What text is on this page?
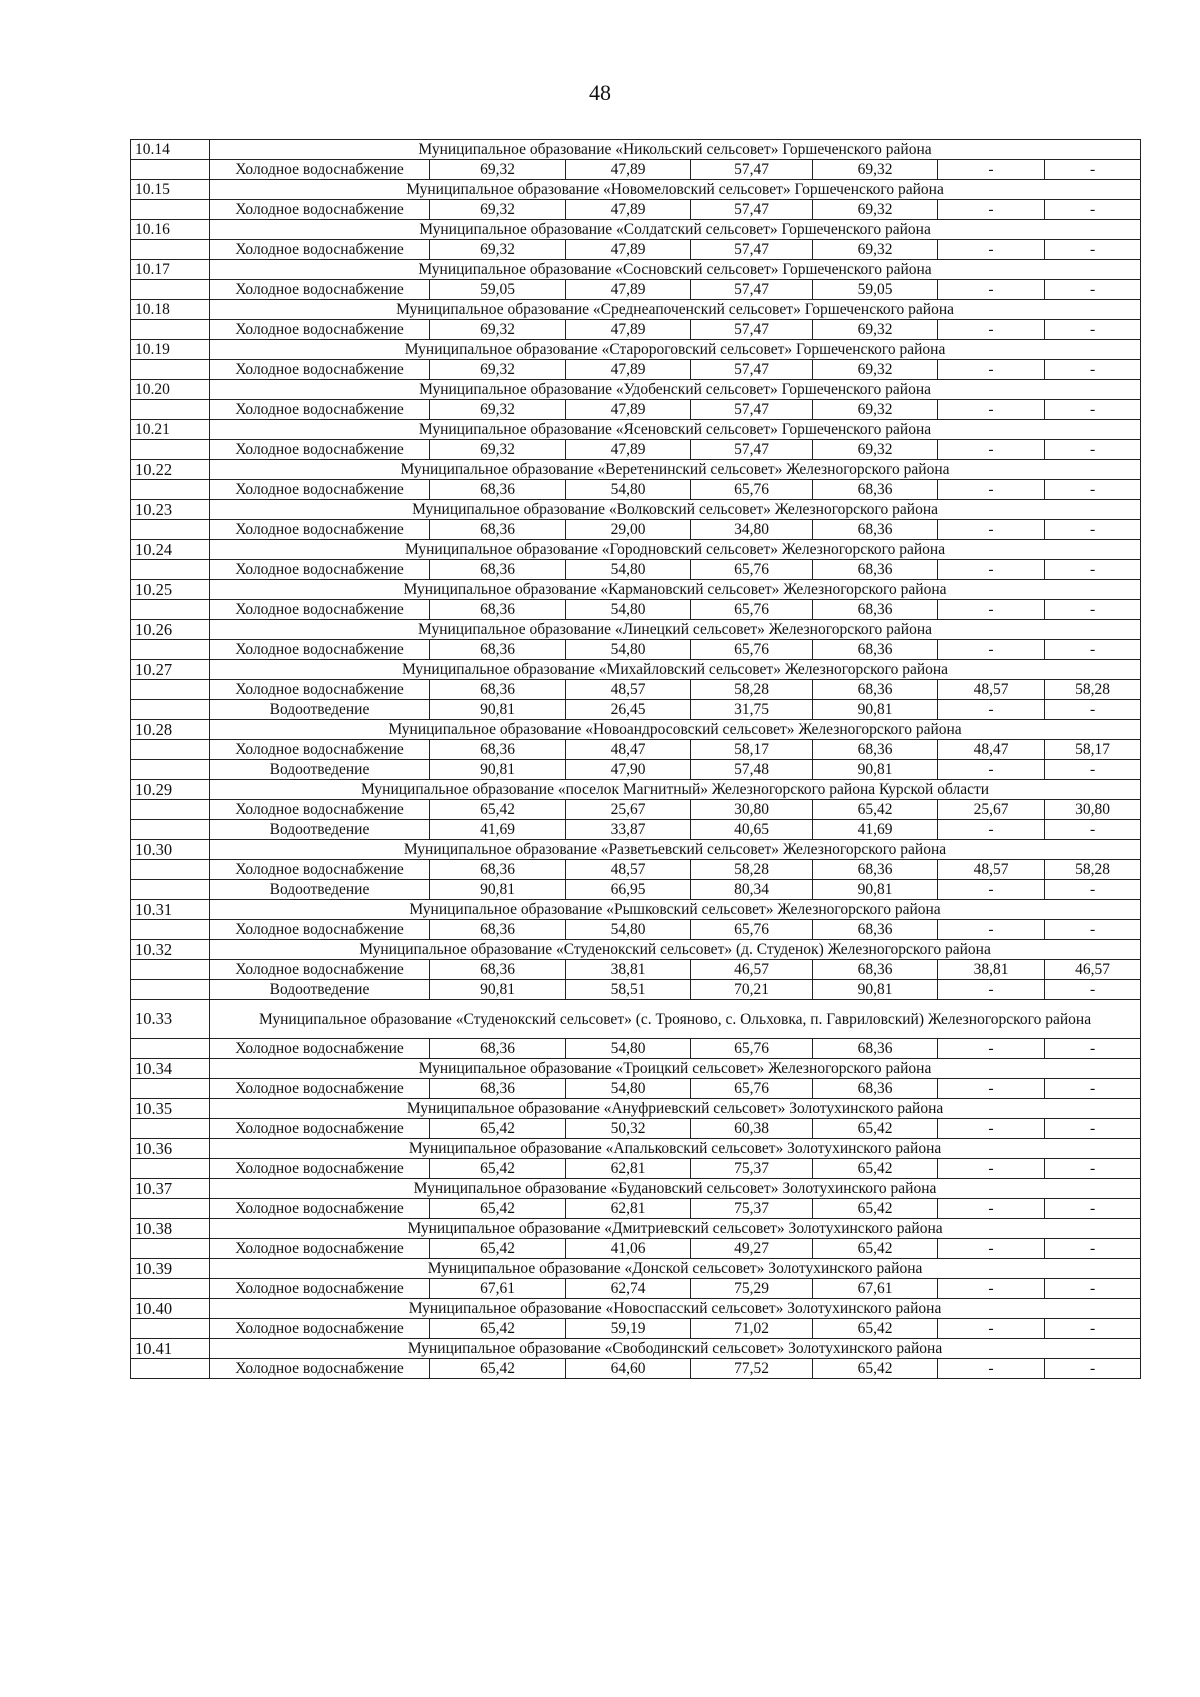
48
10.14	Муниципальное образование «Никольский сельсовет» Горшеченского района						
	Холодное водоснабжение	69,32	47,89	57,47	69,32	-	-
10.15	Муниципальное образование «Новомеловский сельсовет» Горшеченского района						
	Холодное водоснабжение	69,32	47,89	57,47	69,32	-	-
10.16	Муниципальное образование «Солдатский сельсовет» Горшеченского района						
	Холодное водоснабжение	69,32	47,89	57,47	69,32	-	-
10.17	Муниципальное образование «Сосновский сельсовет» Горшеченского района						
	Холодное водоснабжение	59,05	47,89	57,47	59,05	-	-
10.18	Муниципальное образование «Среднеапоченский сельсовет» Горшеченского района						
	Холодное водоснабжение	69,32	47,89	57,47	69,32	-	-
10.19	Муниципальное образование «Старороговский сельсовет» Горшеченского района						
	Холодное водоснабжение	69,32	47,89	57,47	69,32	-	-
10.20	Муниципальное образование «Удобенский сельсовет» Горшеченского района						
	Холодное водоснабжение	69,32	47,89	57,47	69,32	-	-
10.21	Муниципальное образование «Ясеновский сельсовет» Горшеченского района						
	Холодное водоснабжение	69,32	47,89	57,47	69,32	-	-
10.22	Муниципальное образование «Веретенинский сельсовет» Железногорского района						
	Холодное водоснабжение	68,36	54,80	65,76	68,36	-	-
10.23	Муниципальное образование «Волковский сельсовет» Железногорского района						
	Холодное водоснабжение	68,36	29,00	34,80	68,36	-	-
10.24	Муниципальное образование «Городновский сельсовет» Железногорского района						
	Холодное водоснабжение	68,36	54,80	65,76	68,36	-	-
10.25	Муниципальное образование «Кармановский сельсовет» Железногорского района						
	Холодное водоснабжение	68,36	54,80	65,76	68,36	-	-
10.26	Муниципальное образование «Линецкий сельсовет» Железногорского района						
	Холодное водоснабжение	68,36	54,80	65,76	68,36	-	-
10.27	Муниципальное образование «Михайловский сельсовет» Железногорского района						
	Холодное водоснабжение	68,36	48,57	58,28	68,36	48,57	58,28
	Водоотведение	90,81	26,45	31,75	90,81	-	-
10.28	Муниципальное образование «Новоандросовский сельсовет» Железногорского района						
	Холодное водоснабжение	68,36	48,47	58,17	68,36	48,47	58,17
	Водоотведение	90,81	47,90	57,48	90,81	-	-
10.29	Муниципальное образование «поселок Магнитный» Железногорского района Курской области						
	Холодное водоснабжение	65,42	25,67	30,80	65,42	25,67	30,80
	Водоотведение	41,69	33,87	40,65	41,69	-	-
10.30	Муниципальное образование «Разветьевский сельсовет» Железногорского района						
	Холодное водоснабжение	68,36	48,57	58,28	68,36	48,57	58,28
	Водоотведение	90,81	66,95	80,34	90,81	-	-
10.31	Муниципальное образование «Рышковский сельсовет» Железногорского района						
	Холодное водоснабжение	68,36	54,80	65,76	68,36	-	-
10.32	Муниципальное образование «Студенокский сельсовет» (д. Студенок) Железногорского района						
	Холодное водоснабжение	68,36	38,81	46,57	68,36	38,81	46,57
	Водоотведение	90,81	58,51	70,21	90,81	-	-
10.33	Муниципальное образование «Студенокский сельсовет» (с. Трояново, с. Ольховка, п. Гавриловский) Железногорского района						
	Холодное водоснабжение	68,36	54,80	65,76	68,36	-	-
10.34	Муниципальное образование «Троицкий сельсовет» Железногорского района						
	Холодное водоснабжение	68,36	54,80	65,76	68,36	-	-
10.35	Муниципальное образование «Ануфриевский сельсовет» Золотухинского района						
	Холодное водоснабжение	65,42	50,32	60,38	65,42	-	-
10.36	Муниципальное образование «Апальковский сельсовет» Золотухинского района						
	Холодное водоснабжение	65,42	62,81	75,37	65,42	-	-
10.37	Муниципальное образование «Будановский сельсовет» Золотухинского района						
	Холодное водоснабжение	65,42	62,81	75,37	65,42	-	-
10.38	Муниципальное образование «Дмитриевский сельсовет» Золотухинского района						
	Холодное водоснабжение	65,42	41,06	49,27	65,42	-	-
10.39	Муниципальное образование «Донской сельсовет» Золотухинского района						
	Холодное водоснабжение	67,61	62,74	75,29	67,61	-	-
10.40	Муниципальное образование «Новоспасский сельсовет» Золотухинского района						
	Холодное водоснабжение	65,42	59,19	71,02	65,42	-	-
10.41	Муниципальное образование «Свободинский сельсовет» Золотухинского района						
	Холодное водоснабжение	65,42	64,60	77,52	65,42	-	-
